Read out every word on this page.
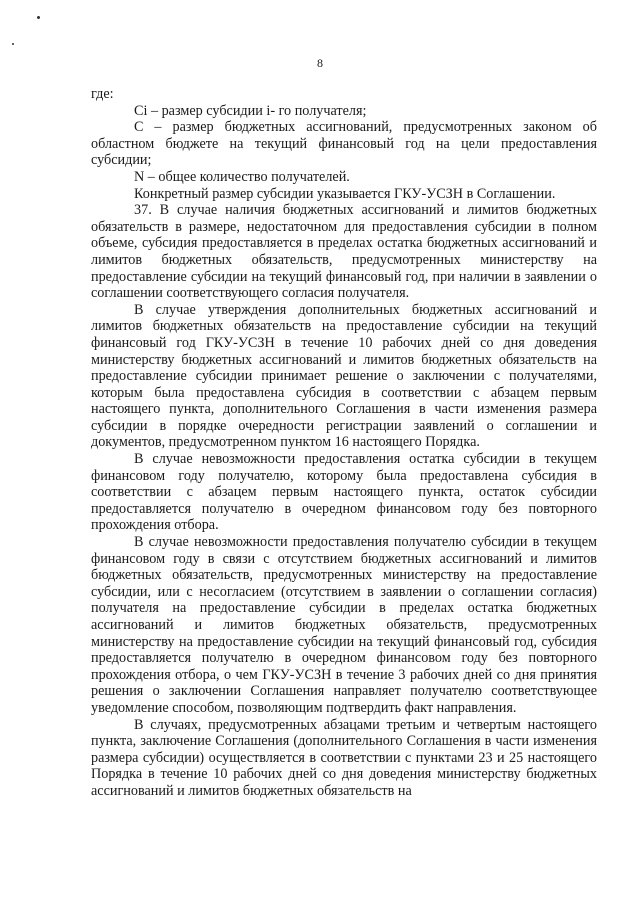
8

где:

Ci – размер субсидии i- го получателя;

С – размер бюджетных ассигнований, предусмотренных законом об областном бюджете на текущий финансовый год на цели предоставления субсидии;

N – общее количество получателей.

Конкретный размер субсидии указывается ГКУ-УСЗН в Соглашении.

37. В случае наличия бюджетных ассигнований и лимитов бюджетных обязательств в размере, недостаточном для предоставления субсидии в полном объеме, субсидия предоставляется в пределах остатка бюджетных ассигнований и лимитов бюджетных обязательств, предусмотренных министерству на предоставление субсидии на текущий финансовый год, при наличии в заявлении о соглашении соответствующего согласия получателя.

В случае утверждения дополнительных бюджетных ассигнований и лимитов бюджетных обязательств на предоставление субсидии на текущий финансовый год ГКУ-УСЗН в течение 10 рабочих дней со дня доведения министерству бюджетных ассигнований и лимитов бюджетных обязательств на предоставление субсидии принимает решение о заключении с получателями, которым была предоставлена субсидия в соответствии с абзацем первым настоящего пункта, дополнительного Соглашения в части изменения размера субсидии в порядке очередности регистрации заявлений о соглашении и документов, предусмотренном пунктом 16 настоящего Порядка.

В случае невозможности предоставления остатка субсидии в текущем финансовом году получателю, которому была предоставлена субсидия в соответствии с абзацем первым настоящего пункта, остаток субсидии предоставляется получателю в очередном финансовом году без повторного прохождения отбора.

В случае невозможности предоставления получателю субсидии в текущем финансовом году в связи с отсутствием бюджетных ассигнований и лимитов бюджетных обязательств, предусмотренных министерству на предоставление субсидии, или с несогласием (отсутствием в заявлении о соглашении согласия) получателя на предоставление субсидии в пределах остатка бюджетных ассигнований и лимитов бюджетных обязательств, предусмотренных министерству на предоставление субсидии на текущий финансовый год, субсидия предоставляется получателю в очередном финансовом году без повторного прохождения отбора, о чем ГКУ-УСЗН в течение 3 рабочих дней со дня принятия решения о заключении Соглашения направляет получателю соответствующее уведомление способом, позволяющим подтвердить факт направления.

В случаях, предусмотренных абзацами третьим и четвертым настоящего пункта, заключение Соглашения (дополнительного Соглашения в части изменения размера субсидии) осуществляется в соответствии с пунктами 23 и 25 настоящего Порядка в течение 10 рабочих дней со дня доведения министерству бюджетных ассигнований и лимитов бюджетных обязательств на
